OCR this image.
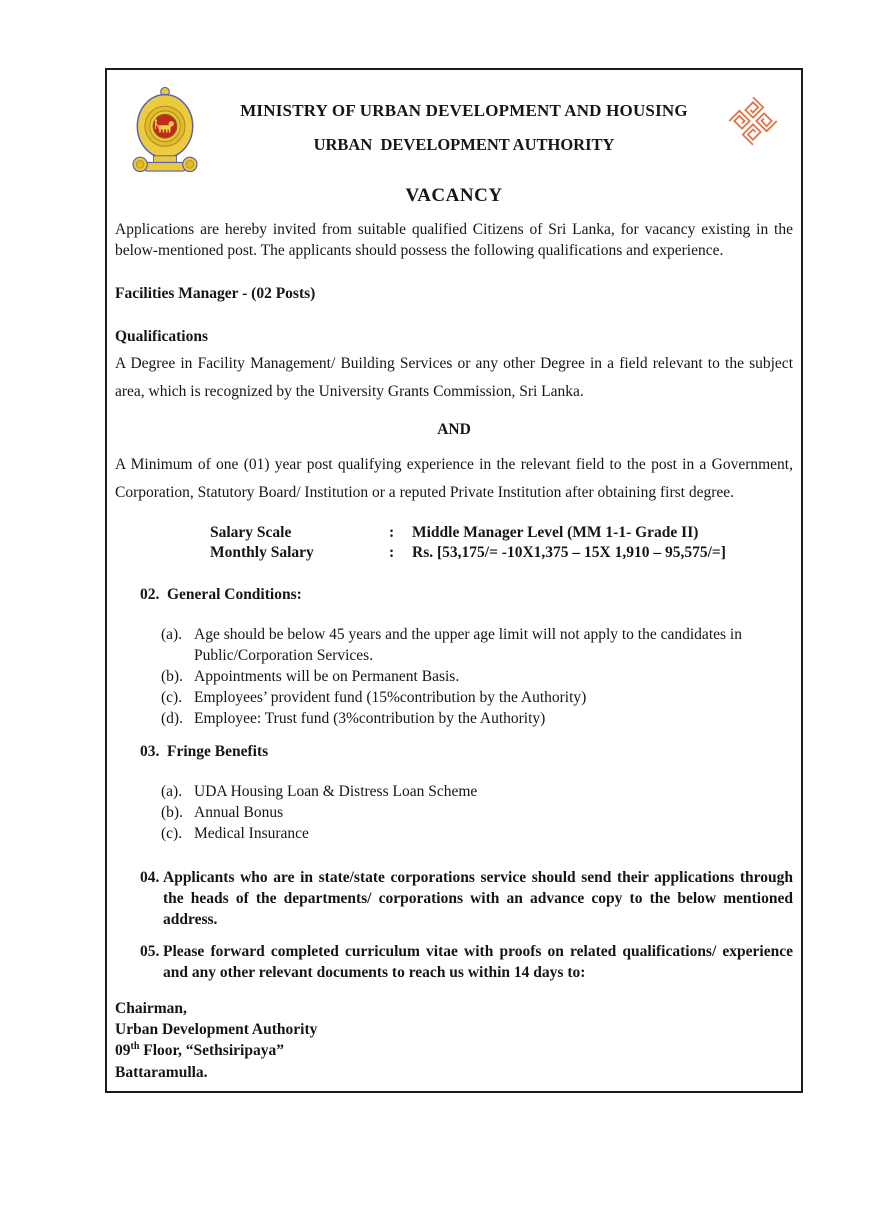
MINISTRY OF URBAN DEVELOPMENT AND HOUSING
URBAN  DEVELOPMENT AUTHORITY
VACANCY

Applications are hereby invited from suitable qualified Citizens of Sri Lanka, for vacancy existing in the below-mentioned post. The applicants should possess the following qualifications and experience.

Facilities Manager - (02 Posts)

Qualifications

A Degree in Facility Management/ Building Services or any other Degree in a field relevant to the subject area, which is recognized by the University Grants Commission, Sri Lanka.

AND

A Minimum of one (01) year post qualifying experience in the relevant field to the post in a Government, Corporation, Statutory Board/ Institution or a reputed Private Institution after obtaining first degree.

Salary Scale	:	Middle Manager Level (MM 1-1- Grade II)
Monthly Salary	:	Rs. [53,175/= -10X1,375 – 15X 1,910 – 95,575/=]
02. General Conditions:
(a). Age should be below 45 years and the upper age limit will not apply to the candidates in Public/Corporation Services.
(b). Appointments will be on Permanent Basis.
(c). Employees’ provident fund (15%contribution by the Authority)
(d). Employee: Trust fund (3%contribution by the Authority)
03. Fringe Benefits
(a). UDA Housing Loan & Distress Loan Scheme
(b). Annual Bonus
(c). Medical Insurance
04. Applicants who are in state/state corporations service should send their applications through the heads of the departments/ corporations with an advance copy to the below mentioned address.
05. Please forward completed curriculum vitae with proofs on related qualifications/ experience and any other relevant documents to reach us within 14 days to:
Chairman,
Urban Development Authority
09th Floor, “Sethsiripaya”
Battaramulla.
